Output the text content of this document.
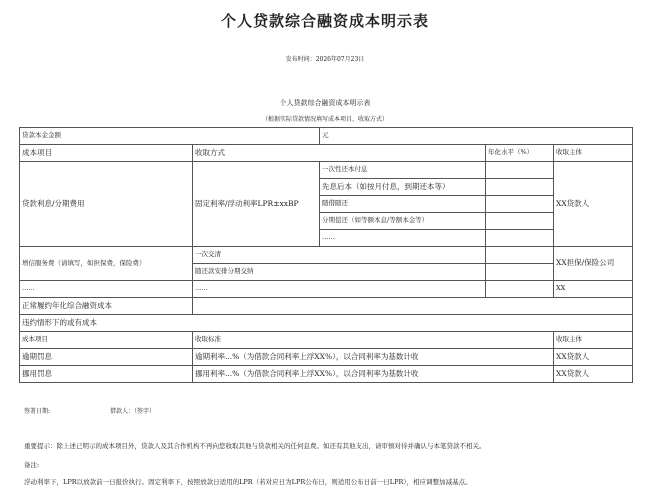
个人贷款综合融资成本明示表
发布时间：2026年07月23日
个人贷款综合融资成本明示表
（根据实际贷款情况填写成本项目、收取方式）
贷款本金金额		元		
成本项目	收取方式		年化水平（%）	收取主体
贷款利息/分期费用	固定利率/浮动利率LPR±xxBP	一次性还本付息		XX贷款人
		先息后本（如按月付息，到期还本等）		
		随借随还		
		分期偿还（如等额本息/等额本金等）		
		……		
增信服务费（请填写，如担保费，保险费）	一次交清			XX担保/保险公司
	随还款安排分期交纳			
......	......			XX
正常履约年化综合融资成本				
违约情形下的或有成本				
成本项目	收取标准			收取主体
逾期罚息	逾期利率...%（为借款合同利率上浮XX%），以合同利率为基数计收			XX贷款人
挪用罚息	挪用利率...%（为借款合同利率上浮XX%），以合同利率为基数计收			XX贷款人
签署日期:	借款人：（签字）
重要提示：除上述已明示的成本项目外，贷款人及其合作机构不再向您收取其他与贷款相关的任何息费。如还有其他支出，请审慎对待并确认与本笔贷款不相关。
备注:
浮动利率下，LPR以放款前一日报价执行。固定利率下，按照放款日适用的LPR（若对应日为LPR公布日，则适用公布日前一日LPR），相应调整加减基点。
